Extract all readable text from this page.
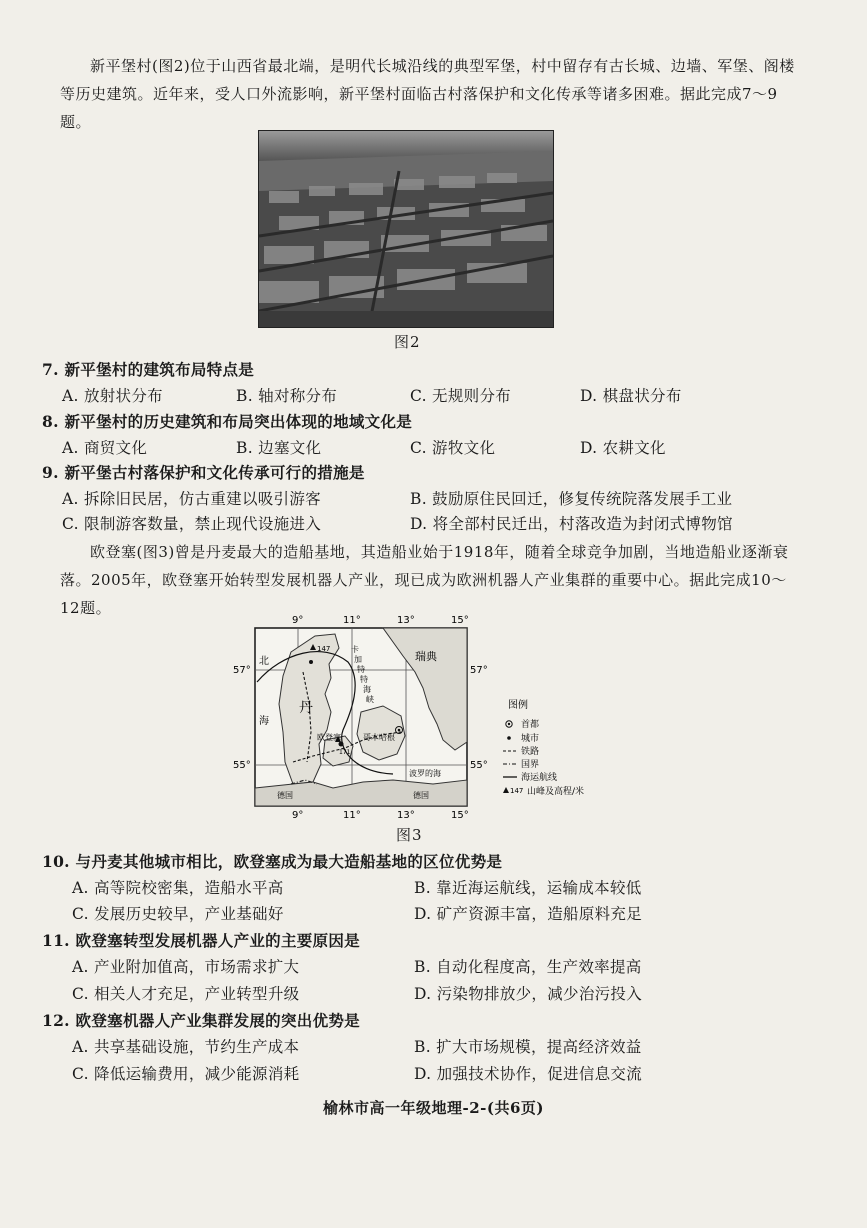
新平堡村(图2)位于山西省最北端，是明代长城沿线的典型军堡，村中留存有古长城、边墙、军堡、阁楼等历史建筑。近年来，受人口外流影响，新平堡村面临古村落保护和文化传承等诸多困难。据此完成7～9题。
图2
7. 新平堡村的建筑布局特点是
A. 放射状分布	B. 轴对称分布	C. 无规则分布	D. 棋盘状分布
8. 新平堡村的历史建筑和布局突出体现的地域文化是
A. 商贸文化	B. 边塞文化	C. 游牧文化	D. 农耕文化
9. 新平堡古村落保护和文化传承可行的措施是
A. 拆除旧民居，仿古重建以吸引游客	B. 鼓励原住民回迁，修复传统院落发展手工业
C. 限制游客数量，禁止现代设施进入	D. 将全部村民迁出，村落改造为封闭式博物馆
欧登塞(图3)曾是丹麦最大的造船基地，其造船业始于1918年，随着全球竞争加剧，当地造船业逐渐衰落。2005年，欧登塞开始转型发展机器人产业，现已成为欧洲机器人产业集群的重要中心。据此完成10～12题。
147
171
9°	11°	13°	15°
9°	11°	13°	15°
57°
55°
57°
55°
瑞典
北
海
丹
欧登塞	哥本哈根
波罗的海
德国	德国
卡
特
加
特
海
峡
图例
首都
城市
铁路
国界
海运航线
147 山峰及高程/米
图3
10. 与丹麦其他城市相比，欧登塞成为最大造船基地的区位优势是
A. 高等院校密集，造船水平高	B. 靠近海运航线，运输成本较低
C. 发展历史较早，产业基础好	D. 矿产资源丰富，造船原料充足
11. 欧登塞转型发展机器人产业的主要原因是
A. 产业附加值高，市场需求扩大	B. 自动化程度高，生产效率提高
C. 相关人才充足，产业转型升级	D. 污染物排放少，减少治污投入
12. 欧登塞机器人产业集群发展的突出优势是
A. 共享基础设施，节约生产成本	B. 扩大市场规模，提高经济效益
C. 降低运输费用，减少能源消耗	D. 加强技术协作，促进信息交流
榆林市高一年级地理-2-(共6页)
